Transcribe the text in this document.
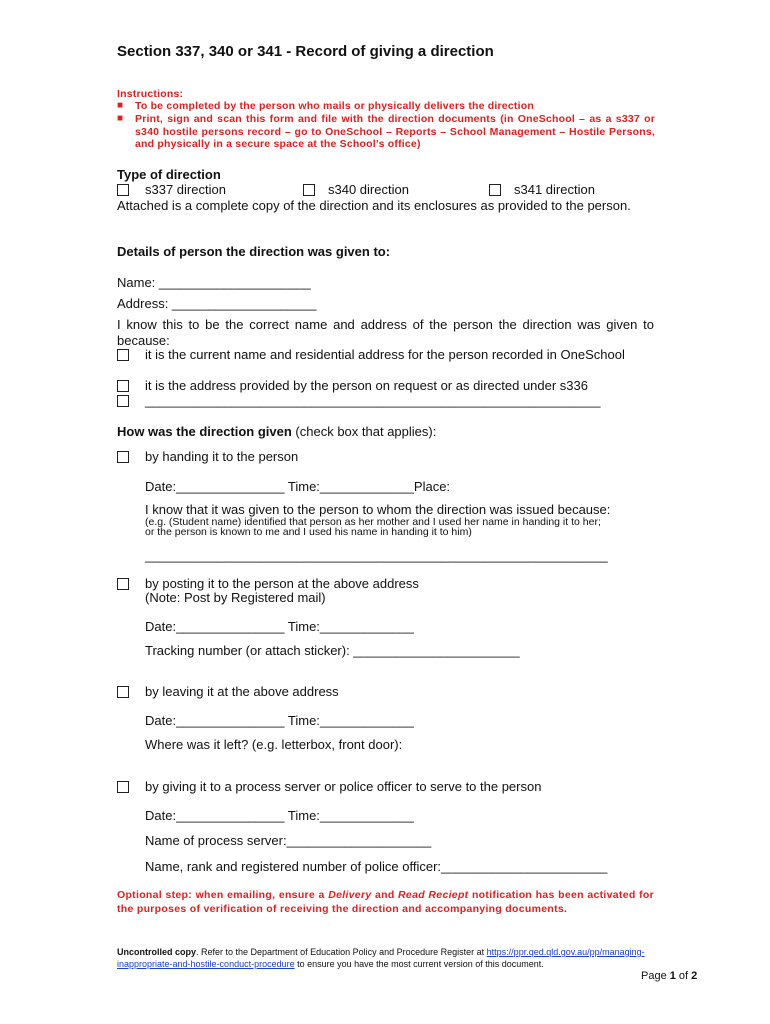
Section 337, 340 or 341 - Record of giving a direction
Instructions:
■ To be completed by the person who mails or physically delivers the direction
■ Print, sign and scan this form and file with the direction documents (in OneSchool – as a s337 or s340 hostile persons record – go to OneSchool – Reports – School Management – Hostile Persons, and physically in a secure space at the School’s office)
Type of direction
s337 direction	s340 direction	s341 direction
Attached is a complete copy of the direction and its enclosures as provided to the person.
Details of person the direction was given to:
Name: _____________________
Address: ____________________
I know this to be the correct name and address of the person the direction was given to because:
it is the current name and residential address for the person recorded in OneSchool
it is the address provided by the person on request or as directed under s336
_______________________________________________________________
How was the direction given (check box that applies):
by handing it to the person
Date:_______________ Time:_____________Place:
I know that it was given to the person to whom the direction was issued because:
(e.g. (Student name) identified that person as her mother and I used her name in handing it to her;
or the person is known to me and I used his name in handing it to him)
________________________________________________________________
by posting it to the person at the above address
(Note: Post by Registered mail)
Date:_______________ Time:_____________
Tracking number (or attach sticker): _______________________
by leaving it at the above address
Date:_______________ Time:_____________
Where was it left? (e.g. letterbox, front door):
by giving it to a process server or police officer to serve to the person
Date:_______________ Time:_____________
Name of process server:____________________
Name, rank and registered number of police officer:_______________________
Optional step: when emailing, ensure a Delivery and Read Reciept notification has been activated for the purposes of verification of receiving the direction and accompanying documents.
Uncontrolled copy. Refer to the Department of Education Policy and Procedure Register at https://ppr.qed.qld.gov.au/pp/managing-inappropriate-and-hostile-conduct-procedure to ensure you have the most current version of this document.
Page 1 of 2
